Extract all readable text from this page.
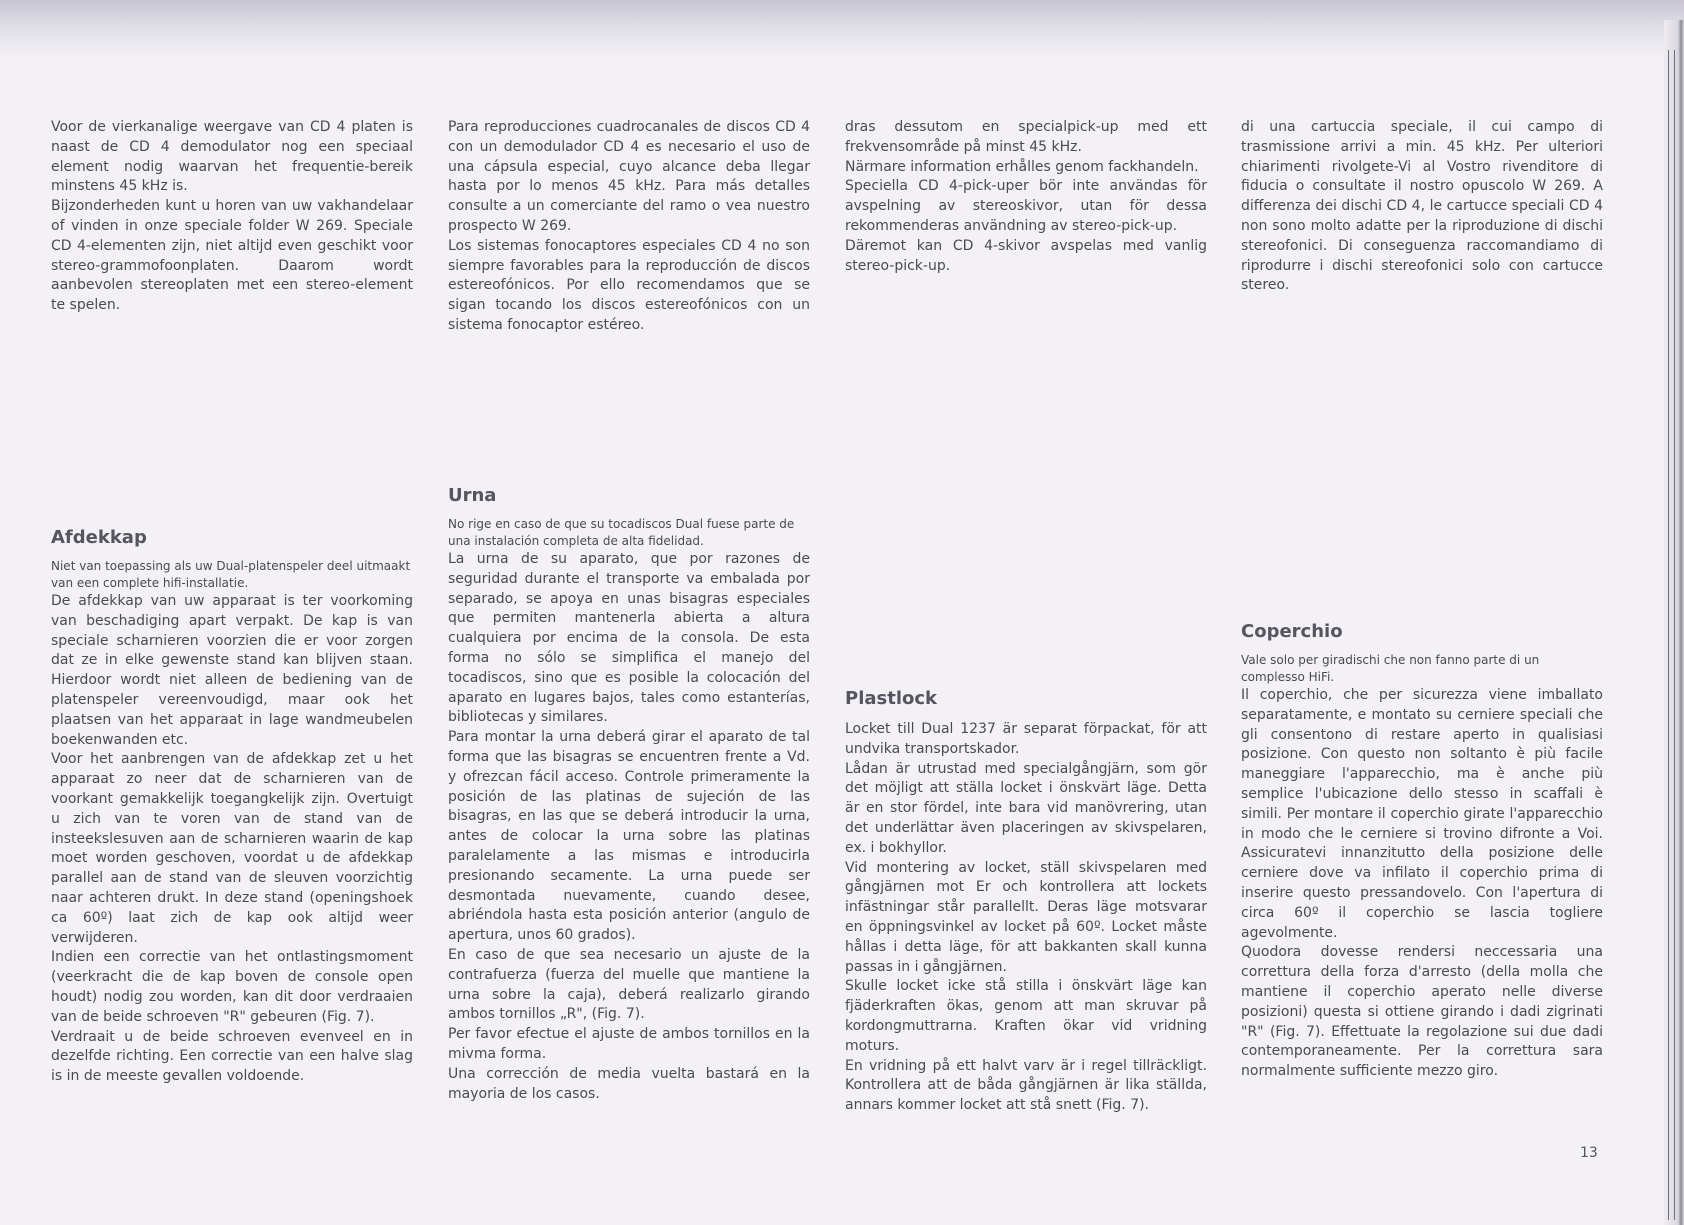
Voor de vierkanalige weergave van CD 4 platen is naast de CD 4 demodulator nog een speciaal element nodig waarvan het frequentie-bereik minstens 45 kHz is.
Bijzonderheden kunt u horen van uw vakhandelaar of vinden in onze speciale folder W 269. Speciale CD 4-elementen zijn, niet altijd even geschikt voor stereo-grammofoonplaten. Daarom wordt aanbevolen stereoplaten met een stereo-element te spelen.

Afdekkap

Niet van toepassing als uw Dual-platenspeler deel uitmaakt van een complete hifi-installatie.

De afdekkap van uw apparaat is ter voorkoming van beschadiging apart verpakt. De kap is van speciale scharnieren voorzien die er voor zorgen dat ze in elke gewenste stand kan blijven staan. Hierdoor wordt niet alleen de bediening van de platenspeler vereenvoudigd, maar ook het plaatsen van het apparaat in lage wandmeubelen boekenwanden etc.
Voor het aanbrengen van de afdekkap zet u het apparaat zo neer dat de scharnieren van de voorkant gemakkelijk toegangkelijk zijn. Overtuigt u zich van te voren van de stand van de insteekslesuven aan de scharnieren waarin de kap moet worden geschoven, voordat u de afdekkap parallel aan de stand van de sleuven voorzichtig naar achteren drukt. In deze stand (openingshoek ca 60º) laat zich de kap ook altijd weer verwijderen.
Indien een correctie van het ontlastingsmoment (veerkracht die de kap boven de console open houdt) nodig zou worden, kan dit door verdraaien van de beide schroeven "R" gebeuren (Fig. 7).
Verdraait u de beide schroeven evenveel en in dezelfde richting. Een correctie van een halve slag is in de meeste gevallen voldoende.

Para reproducciones cuadrocanales de discos CD 4 con un demodulador CD 4 es necesario el uso de una cápsula especial, cuyo alcance deba llegar hasta por lo menos 45 kHz. Para más detalles consulte a un comerciante del ramo o vea nuestro prospecto W 269.
Los sistemas fonocaptores especiales CD 4 no son siempre favorables para la reproducción de discos estereofónicos. Por ello recomendamos que se sigan tocando los discos estereofónicos con un sistema fonocaptor estéreo.

Urna

No rige en caso de que su tocadiscos Dual fuese parte de una instalación completa de alta fidelidad.

La urna de su aparato, que por razones de seguridad durante el transporte va embalada por separado, se apoya en unas bisagras especiales que permiten mantenerla abierta a altura cualquiera por encima de la consola. De esta forma no sólo se simplifica el manejo del tocadiscos, sino que es posible la colocación del aparato en lugares bajos, tales como estanterías, bibliotecas y similares.
Para montar la urna deberá girar el aparato de tal forma que las bisagras se encuentren frente a Vd. y ofrezcan fácil acceso. Controle primeramente la posición de las platinas de sujeción de las bisagras, en las que se deberá introducir la urna, antes de colocar la urna sobre las platinas paralelamente a las mismas e introducirla presionando secamente. La urna puede ser desmontada nuevamente, cuando desee, abriéndola hasta esta posición anterior (angulo de apertura, unos 60 grados).
En caso de que sea necesario un ajuste de la contrafuerza (fuerza del muelle que mantiene la urna sobre la caja), deberá realizarlo girando ambos tornillos „R", (Fig. 7).
Per favor efectue el ajuste de ambos tornillos en la mivma forma.
Una corrección de media vuelta bastará en la mayoria de los casos.

dras dessutom en specialpick-up med ett frekvensområde på minst 45 kHz.
Närmare information erhålles genom fackhandeln.
Speciella CD 4-pick-uper bör inte användas för avspelning av stereoskivor, utan för dessa rekommenderas användning av stereo-pick-up.
Däremot kan CD 4-skivor avspelas med vanlig stereo-pick-up.

Plastlock

Locket till Dual 1237 är separat förpackat, för att undvika transportskador.
Lådan är utrustad med specialgångjärn, som gör det möjligt att ställa locket i önskvärt läge. Detta är en stor fördel, inte bara vid manövrering, utan det underlättar även placeringen av skivspelaren, ex. i bokhyllor.
Vid montering av locket, ställ skivspelaren med gångjärnen mot Er och kontrollera att lockets infästningar står parallellt. Deras läge motsvarar en öppningsvinkel av locket på 60º. Locket måste hållas i detta läge, för att bakkanten skall kunna passas in i gångjärnen.
Skulle locket icke stå stilla i önskvärt läge kan fjäderkraften ökas, genom att man skruvar på kordongmuttrarna. Kraften ökar vid vridning moturs.
En vridning på ett halvt varv är i regel tillräckligt. Kontrollera att de båda gångjärnen är lika ställda, annars kommer locket att stå snett (Fig. 7).

di una cartuccia speciale, il cui campo di trasmissione arrivi a min. 45 kHz. Per ulteriori chiarimenti rivolgete-Vi al Vostro rivenditore di fiducia o consultate il nostro opuscolo W 269. A differenza dei dischi CD 4, le cartucce speciali CD 4 non sono molto adatte per la riproduzione di dischi stereofonici. Di conseguenza raccomandiamo di riprodurre i dischi stereofonici solo con cartucce stereo.

Coperchio

Vale solo per giradischi che non fanno parte di un complesso HiFi.

Il coperchio, che per sicurezza viene imballato separatamente, e montato su cerniere speciali che gli consentono di restare aperto in qualisiasi posizione. Con questo non soltanto è più facile maneggiare l'apparecchio, ma è anche più semplice l'ubicazione dello stesso in scaffali è simili. Per montare il coperchio girate l'apparecchio in modo che le cerniere si trovino difronte a Voi. Assicuratevi innanzitutto della posizione delle cerniere dove va infilato il coperchio prima di inserire questo pressandovelo. Con l'apertura di circa 60º il coperchio se lascia togliere agevolmente.
Quodora dovesse rendersi neccessaria una correttura della forza d'arresto (della molla che mantiene il coperchio aperato nelle diverse posizioni) questa si ottiene girando i dadi zigrinati "R" (Fig. 7). Effettuate la regolazione sui due dadi contemporaneamente. Per la correttura sara normalmente sufficiente mezzo giro.

13
